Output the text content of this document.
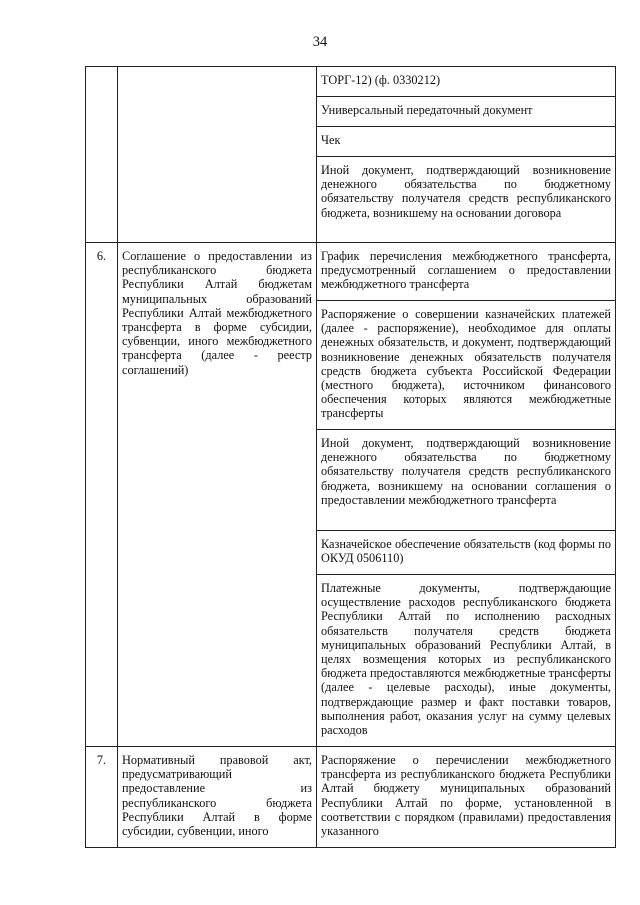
34
		ТОРГ-12) (ф. 0330212)
		Универсальный передаточный документ
		Чек
		Иной документ, подтверждающий возникновение денежного обязательства по бюджетному обязательству получателя средств республиканского бюджета, возникшему на основании договора
6.	Соглашение о предоставлении из республиканского бюджета Республики Алтай бюджетам муниципальных образований Республики Алтай межбюджетного трансферта в форме субсидии, субвенции, иного межбюджетного трансферта (далее - реестр соглашений)	График перечисления межбюджетного трансферта, предусмотренный соглашением о предоставлении межбюджетного трансферта
		Распоряжение о совершении казначейских платежей (далее - распоряжение), необходимое для оплаты денежных обязательств, и документ, подтверждающий возникновение денежных обязательств получателя средств бюджета субъекта Российской Федерации (местного бюджета), источником финансового обеспечения которых являются межбюджетные трансферты
		Иной документ, подтверждающий возникновение денежного обязательства по бюджетному обязательству получателя средств республиканского бюджета, возникшему на основании соглашения о предоставлении межбюджетного трансферта
		Казначейское обеспечение обязательств (код формы по ОКУД 0506110)
		Платежные документы, подтверждающие осуществление расходов республиканского бюджета Республики Алтай по исполнению расходных обязательств получателя средств бюджета муниципальных образований Республики Алтай, в целях возмещения которых из республиканского бюджета предоставляются межбюджетные трансферты (далее - целевые расходы), иные документы, подтверждающие размер и факт поставки товаров, выполнения работ, оказания услуг на сумму целевых расходов
7.	Нормативный правовой акт, предусматривающий предоставление из республиканского бюджета Республики Алтай в форме субсидии, субвенции, иного	Распоряжение о перечислении межбюджетного трансферта из республиканского бюджета Республики Алтай бюджету муниципальных образований Республики Алтай по форме, установленной в соответствии с порядком (правилами) предоставления указанного
